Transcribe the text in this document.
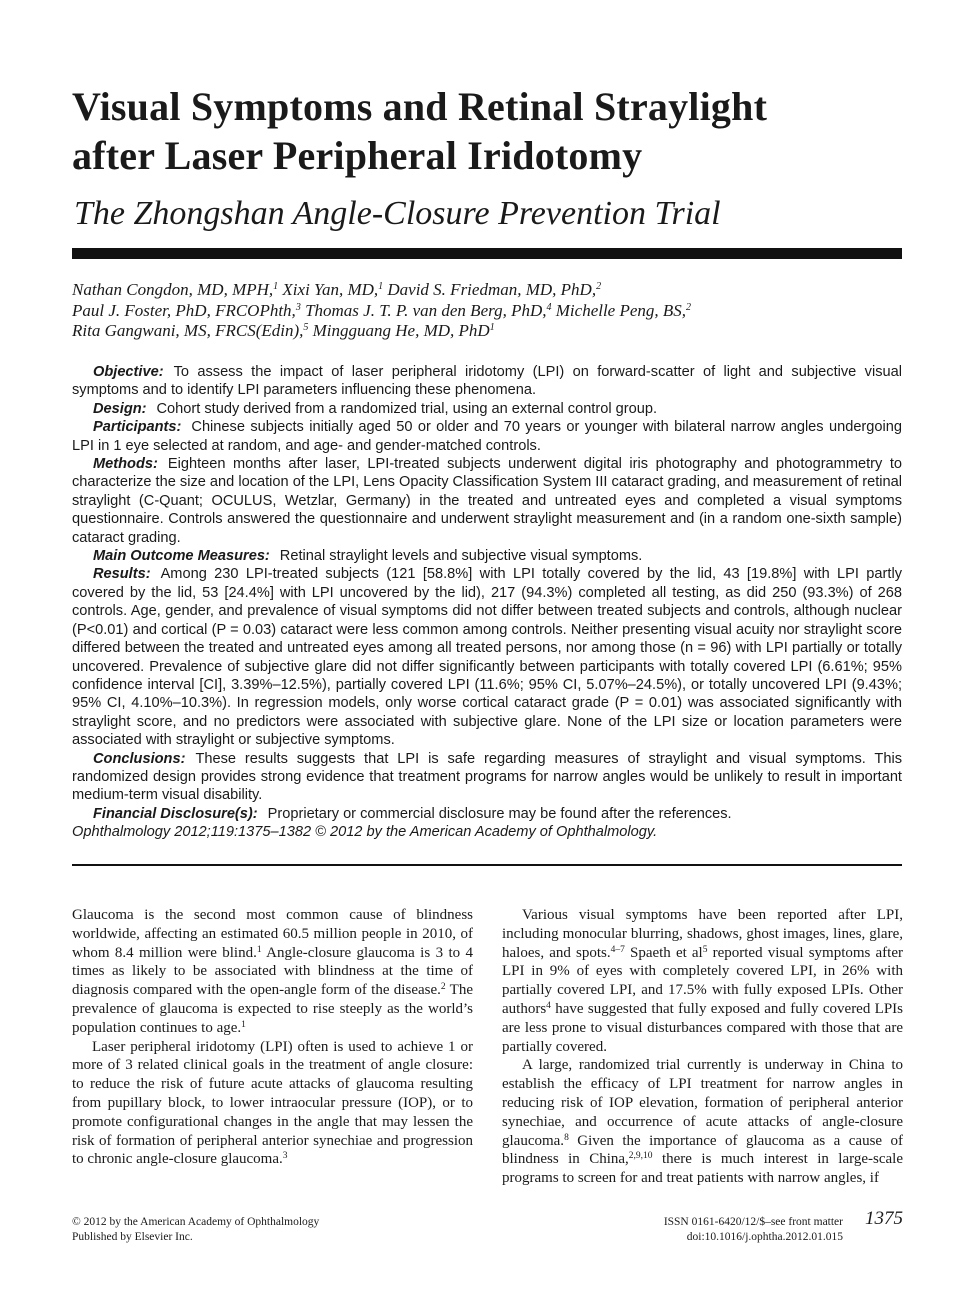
Visual Symptoms and Retinal Straylight
after Laser Peripheral Iridotomy
The Zhongshan Angle-Closure Prevention Trial
Nathan Congdon, MD, MPH,$^1$ Xixi Yan, MD,$^1$ David S. Friedman, MD, PhD,$^2$
Paul J. Foster, PhD, FRCOPhth,$^3$ Thomas J. T. P. van den Berg, PhD,$^4$ Michelle Peng, BS,$^2$
Rita Gangwani, MS, FRCS(Edin),$^5$ Mingguang He, MD, PhD$^1$

Objective: To assess the impact of laser peripheral iridotomy (LPI) on forward-scatter of light and subjective visual symptoms and to identify LPI parameters influencing these phenomena.

Design: Cohort study derived from a randomized trial, using an external control group.

Participants: Chinese subjects initially aged 50 or older and 70 years or younger with bilateral narrow angles undergoing LPI in 1 eye selected at random, and age- and gender-matched controls.

Methods: Eighteen months after laser, LPI-treated subjects underwent digital iris photography and photogrammetry to characterize the size and location of the LPI, Lens Opacity Classification System III cataract grading, and measurement of retinal straylight (C-Quant; OCULUS, Wetzlar, Germany) in the treated and untreated eyes and completed a visual symptoms questionnaire. Controls answered the questionnaire and underwent straylight measurement and (in a random one-sixth sample) cataract grading.

Main Outcome Measures: Retinal straylight levels and subjective visual symptoms.

Results: Among 230 LPI-treated subjects (121 [58.8%] with LPI totally covered by the lid, 43 [19.8%] with LPI partly covered by the lid, 53 [24.4%] with LPI uncovered by the lid), 217 (94.3%) completed all testing, as did 250 (93.3%) of 268 controls. Age, gender, and prevalence of visual symptoms did not differ between treated subjects and controls, although nuclear (P<0.01) and cortical (P = 0.03) cataract were less common among controls. Neither presenting visual acuity nor straylight score differed between the treated and untreated eyes among all treated persons, nor among those (n = 96) with LPI partially or totally uncovered. Prevalence of subjective glare did not differ significantly between participants with totally covered LPI (6.61%; 95% confidence interval [CI], 3.39%–12.5%), partially covered LPI (11.6%; 95% CI, 5.07%–24.5%), or totally uncovered LPI (9.43%; 95% CI, 4.10%–10.3%). In regression models, only worse cortical cataract grade (P = 0.01) was associated significantly with straylight score, and no predictors were associated with subjective glare. None of the LPI size or location parameters were associated with straylight or subjective symptoms.

Conclusions: These results suggests that LPI is safe regarding measures of straylight and visual symptoms. This randomized design provides strong evidence that treatment programs for narrow angles would be unlikely to result in important medium-term visual disability.

Financial Disclosure(s): Proprietary or commercial disclosure may be found after the references.

Ophthalmology 2012;119:1375–1382 © 2012 by the American Academy of Ophthalmology.

Glaucoma is the second most common cause of blindness worldwide, affecting an estimated 60.5 million people in 2010, of whom 8.4 million were blind.$^1$ Angle-closure glaucoma is 3 to 4 times as likely to be associated with blindness at the time of diagnosis compared with the open-angle form of the disease.$^2$ The prevalence of glaucoma is expected to rise steeply as the world’s population continues to age.$^1$

Laser peripheral iridotomy (LPI) often is used to achieve 1 or more of 3 related clinical goals in the treatment of angle closure: to reduce the risk of future acute attacks of glaucoma resulting from pupillary block, to lower intraocular pressure (IOP), or to promote configurational changes in the angle that may lessen the risk of formation of peripheral anterior synechiae and progression to chronic angle-closure glaucoma.$^3$

Various visual symptoms have been reported after LPI, including monocular blurring, shadows, ghost images, lines, glare, haloes, and spots.$^{4-7}$ Spaeth et $al^5$ reported visual symptoms after LPI in 9% of eyes with completely covered LPI, in 26% with partially covered LPI, and 17.5% with fully exposed LPIs. Other authors$^4$ have suggested that fully exposed and fully covered LPIs are less prone to visual disturbances compared with those that are partially covered.

A large, randomized trial currently is underway in China to establish the efficacy of LPI treatment for narrow angles in reducing risk of IOP elevation, formation of peripheral anterior synechiae, and occurrence of acute attacks of angle-closure glaucoma.$^8$ Given the importance of glaucoma as a cause of blindness in China,$^{2,9,10}$ there is much interest in large-scale programs to screen for and treat patients with narrow angles, if

© 2012 by the American Academy of Ophthalmology
Published by Elsevier Inc.
ISSN 0161-6420/12/$–see front matter
doi:10.1016/j.ophtha.2012.01.015
1375
